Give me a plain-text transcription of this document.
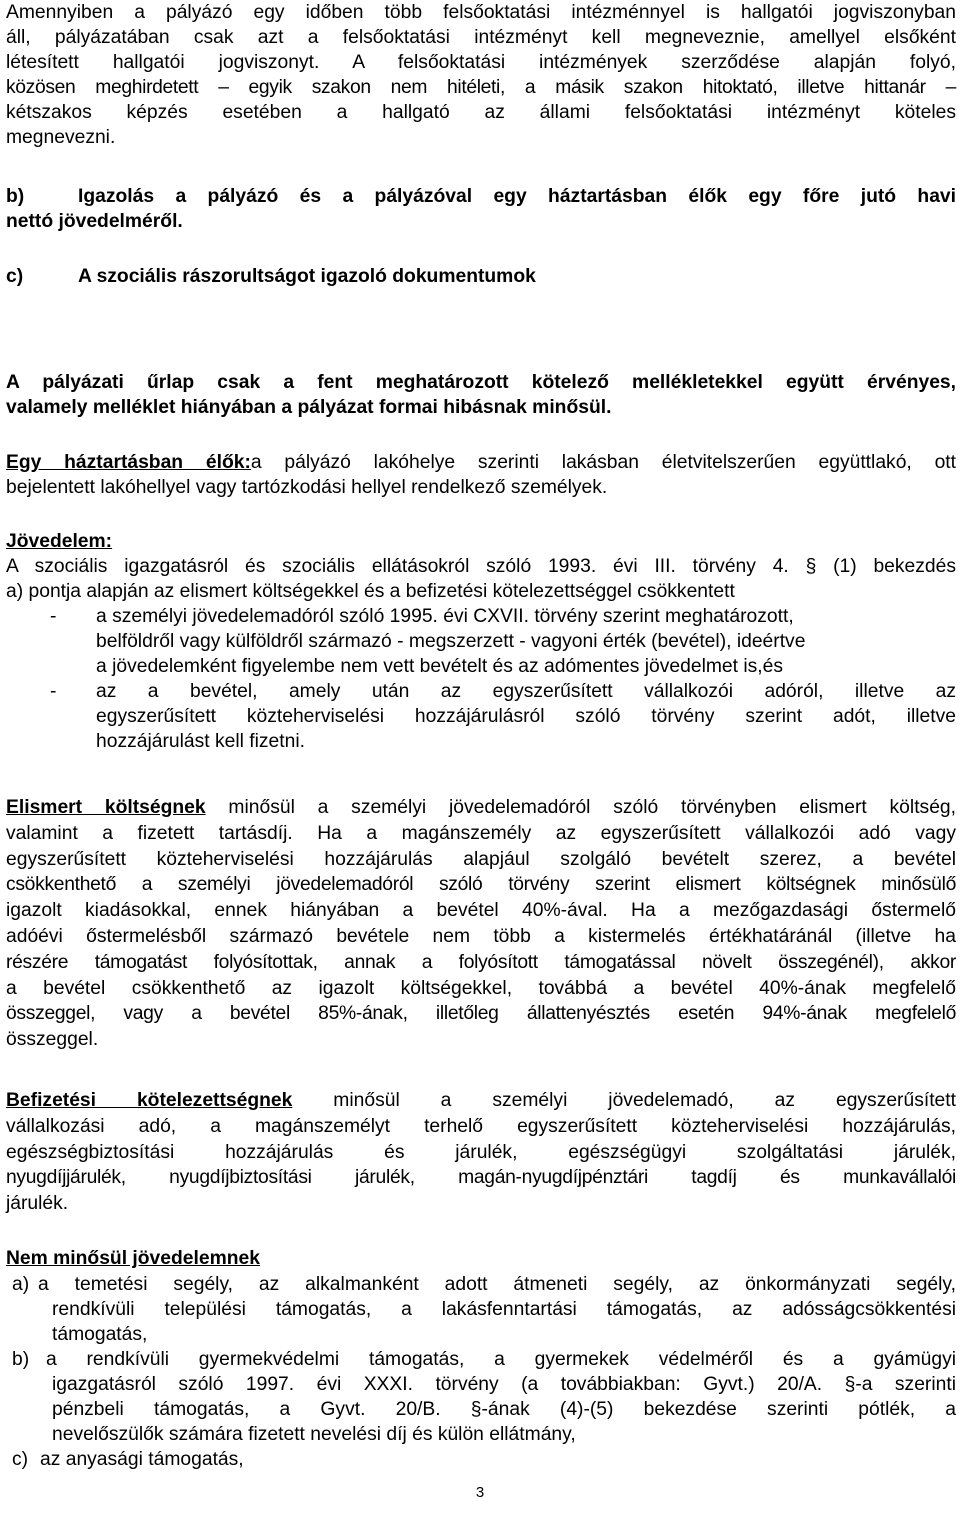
Amennyiben a pályázó egy időben több felsőoktatási intézménnyel is hallgatói jogviszonyban
áll, pályázatában csak azt a felsőoktatási intézményt kell megneveznie, amellyel elsőként
létesített hallgatói jogviszonyt. A felsőoktatási intézmények szerződése alapján folyó,
közösen meghirdetett – egyik szakon nem hitéleti, a másik szakon hitoktató, illetve hittanár –
kétszakos képzés esetében a hallgató az állami felsőoktatási intézményt köteles
megnevezni.
b)	Igazolás a pályázó és a pályázóval egy háztartásban élők egy főre jutó havi
nettó jövedelméről.
c)	A szociális rászorultságot igazoló dokumentumok
A pályázati űrlap csak a fent meghatározott kötelező mellékletekkel együtt érvényes,
valamely melléklet hiányában a pályázat formai hibásnak minősül.
Egy háztartásban élők:a pályázó lakóhelye szerinti lakásban életvitelszerűen együttlakó, ott
bejelentett lakóhellyel vagy tartózkodási hellyel rendelkező személyek.
Jövedelem:
A szociális igazgatásról és szociális ellátásokról szóló 1993. évi III. törvény 4. § (1) bekezdés
a) pontja alapján az elismert költségekkel és a befizetési kötelezettséggel csökkentett
-	a személyi jövedelemadóról szóló 1995. évi CXVII. törvény szerint meghatározott,
belföldről vagy külföldről származó - megszerzett - vagyoni érték (bevétel), ideértve
a jövedelemként figyelembe nem vett bevételt és az adómentes jövedelmet is,és
-	az a bevétel, amely után az egyszerűsített vállalkozói adóról, illetve az
egyszerűsített közteherviselési hozzájárulásról szóló törvény szerint adót, illetve
hozzájárulást kell fizetni.
Elismert költségnek minősül a személyi jövedelemadóról szóló törvényben elismert költség,
valamint a fizetett tartásdíj. Ha a magánszemély az egyszerűsített vállalkozói adó vagy
egyszerűsített közteherviselési hozzájárulás alapjául szolgáló bevételt szerez, a bevétel
csökkenthető a személyi jövedelemadóról szóló törvény szerint elismert költségnek minősülő
igazolt kiadásokkal, ennek hiányában a bevétel 40%-ával. Ha a mezőgazdasági őstermelő
adóévi őstermelésből származó bevétele nem több a kistermelés értékhatáránál (illetve ha
részére támogatást folyósítottak, annak a folyósított támogatással növelt összegénél), akkor
a bevétel csökkenthető az igazolt költségekkel, továbbá a bevétel 40%-ának megfelelő
összeggel, vagy a bevétel 85%-ának, illetőleg állattenyésztés esetén 94%-ának megfelelő
összeggel.
Befizetési kötelezettségnek minősül a személyi jövedelemadó, az egyszerűsített
vállalkozási adó, a magánszemélyt terhelő egyszerűsített közteherviselési hozzájárulás,
egészségbiztosítási hozzájárulás és járulék, egészségügyi szolgáltatási járulék,
nyugdíjjárulék, nyugdíjbiztosítási járulék, magán-nyugdíjpénztári tagdíj és munkavállalói
járulék.
Nem minősül jövedelemnek
a) a temetési segély, az alkalmanként adott átmeneti segély, az önkormányzati segély,
rendkívüli települési támogatás, a lakásfenntartási támogatás, az adósságcsökkentési
támogatás,
b) a rendkívüli gyermekvédelmi támogatás, a gyermekek védelméről és a gyámügyi
igazgatásról szóló 1997. évi XXXI. törvény (a továbbiakban: Gyvt.) 20/A. §-a szerinti
pénzbeli támogatás, a Gyvt. 20/B. §-ának (4)-(5) bekezdése szerinti pótlék, a
nevelőszülők számára fizetett nevelési díj és külön ellátmány,
c) az anyasági támogatás,
3
